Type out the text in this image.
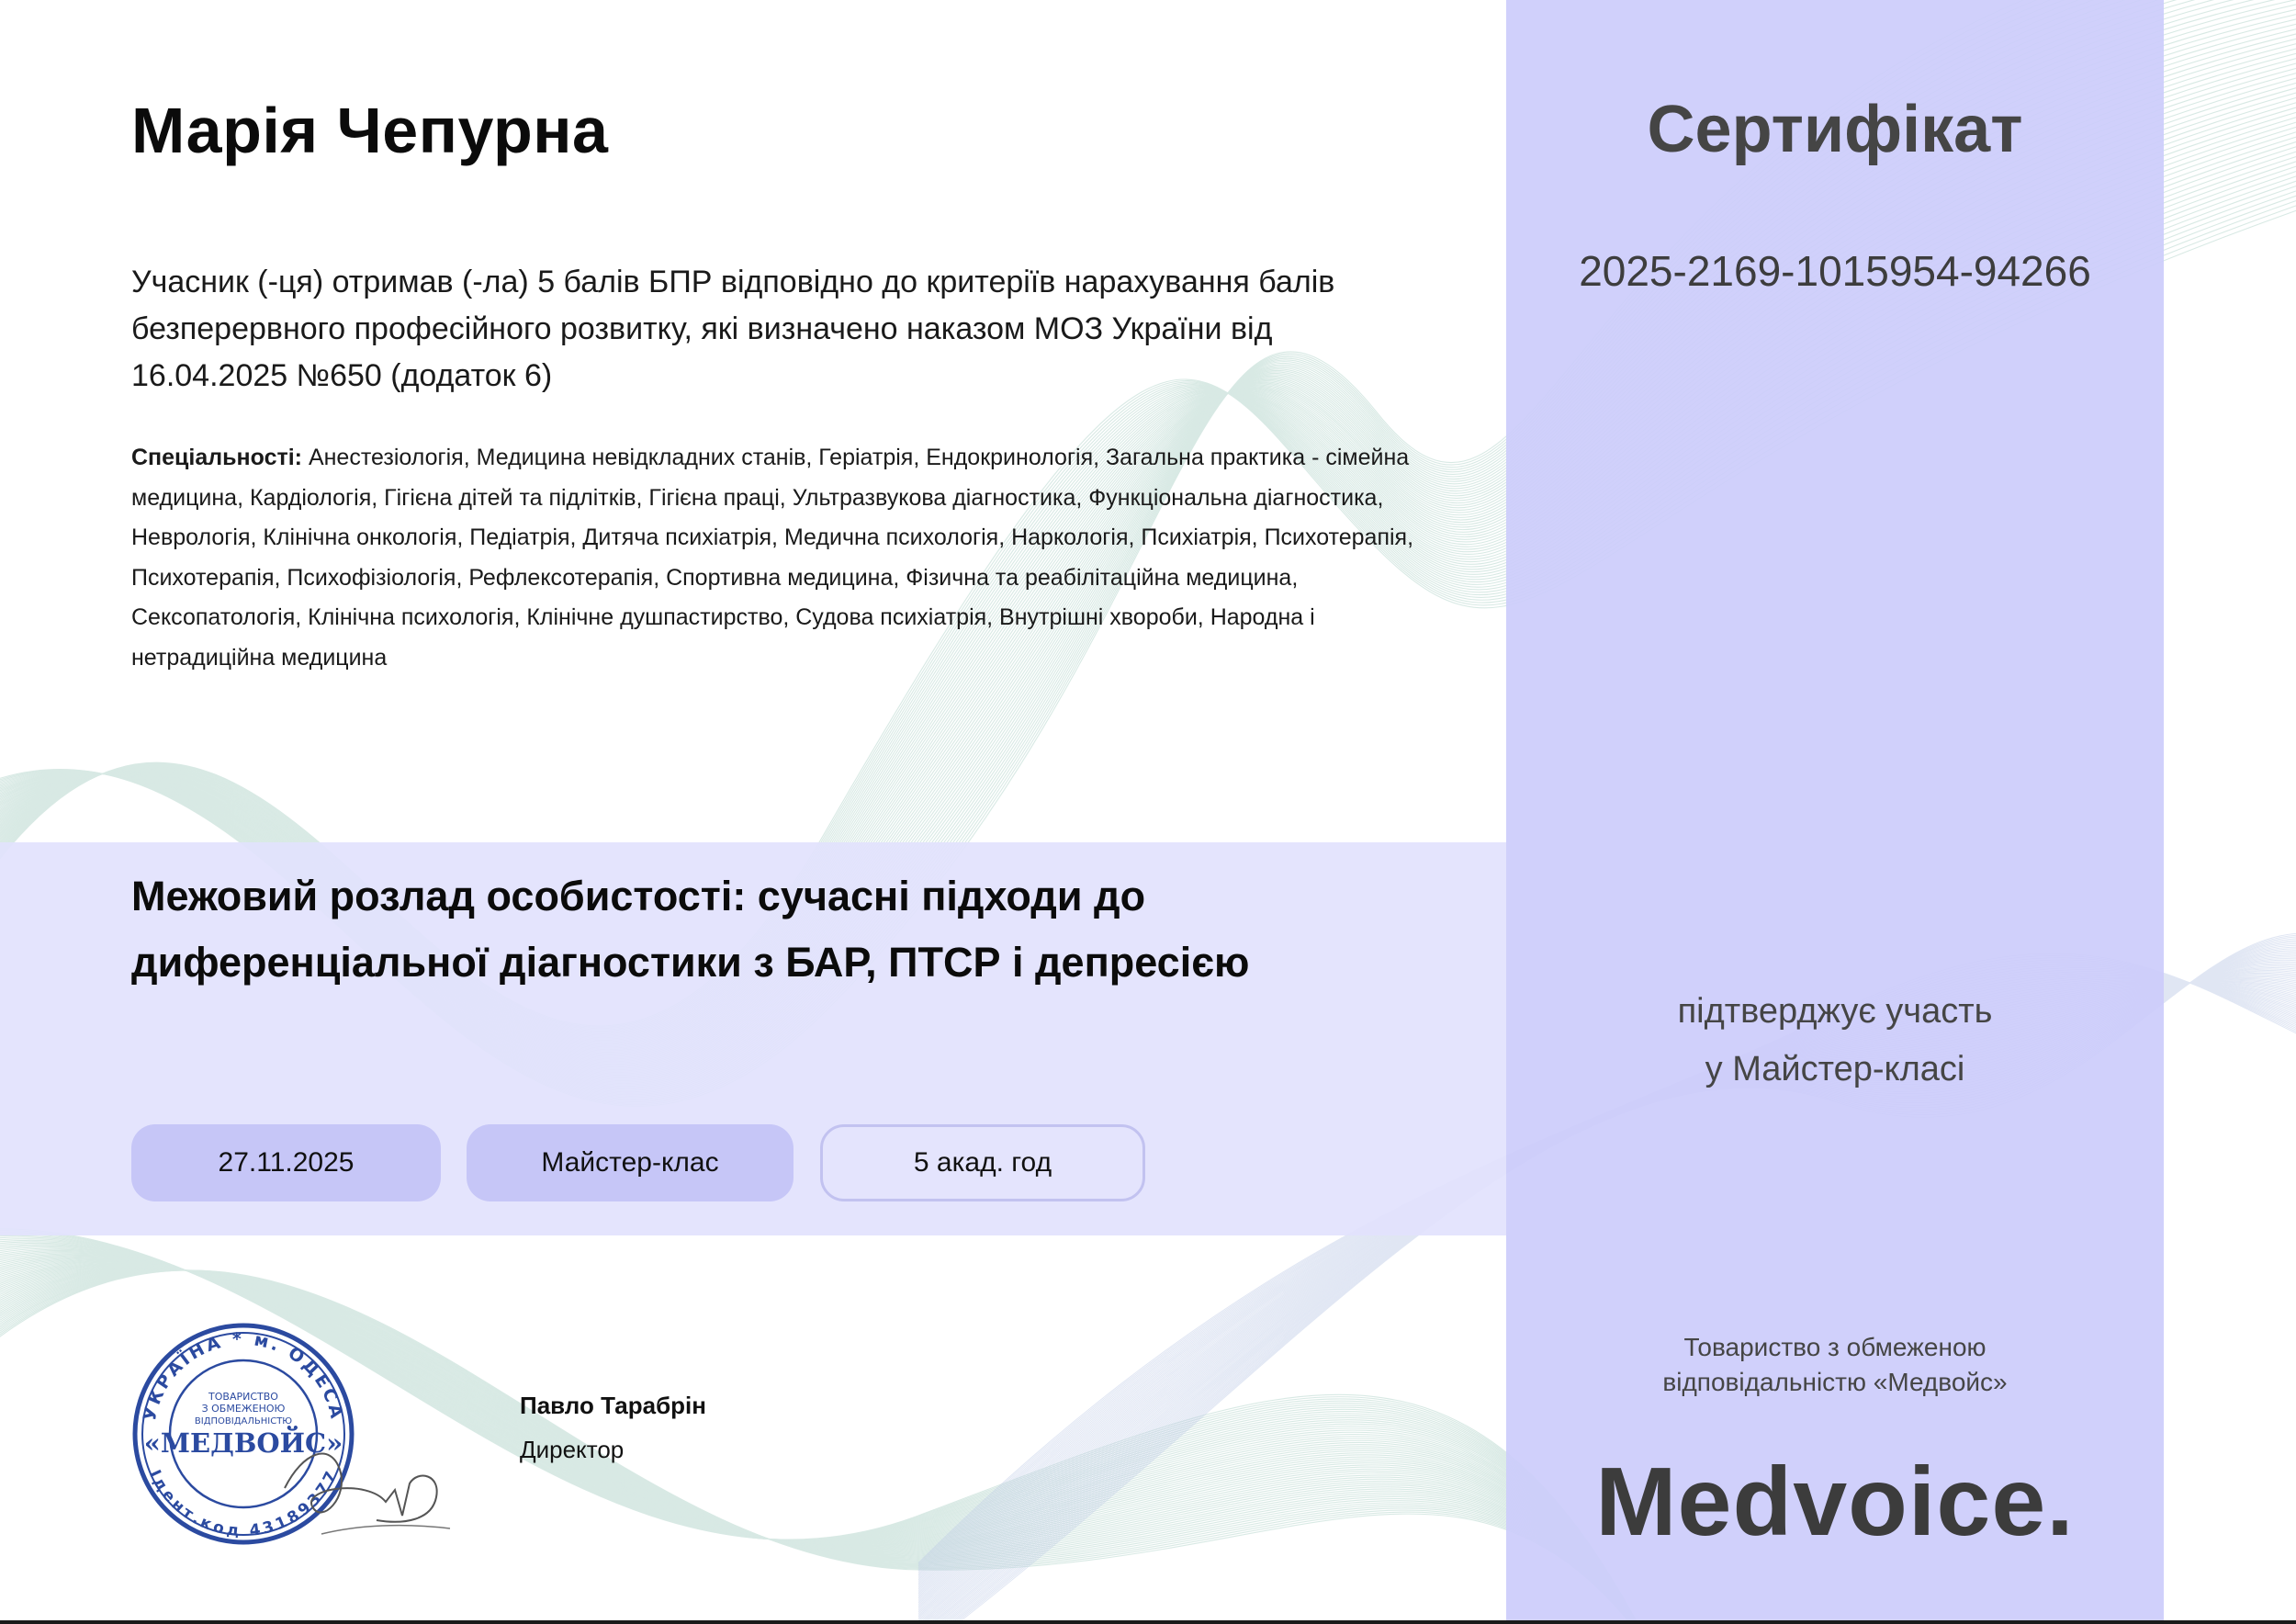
Марія Чепурна
Учасник (-ця) отримав (-ла) 5 балів БПР відповідно до критеріїв нарахування балів безперервного професійного розвитку, які визначено наказом МОЗ України від 16.04.2025 №650 (додаток 6)
Спеціальності: Анестезіологія, Медицина невідкладних станів, Геріатрія, Ендокринологія, Загальна практика - сімейна медицина, Кардіологія, Гігієна дітей та підлітків, Гігієна праці, Ультразвукова діагностика, Функціональна діагностика, Неврологія, Клінічна онкологія, Педіатрія, Дитяча психіатрія, Медична психологія, Наркологія, Психіатрія, Психотерапія, Психотерапія, Психофізіологія, Рефлексотерапія, Спортивна медицина, Фізична та реабілітаційна медицина, Сексопатологія, Клінічна психологія, Клінічне душпастирство, Судова психіатрія, Внутрішні хвороби, Народна і нетрадиційна медицина
Межовий розлад особистості: сучасні підходи до
диференціальної діагностики з БАР, ПТСР і депресією
27.11.2025	Майстер-клас	5 акад. год
УКРАЇНА * м. ОДЕСА
Ідент.код 43189377
ТОВАРИСТВО
З ОБМЕЖЕНОЮ
ВІДПОВІДАЛЬНІСТЮ
«МЕДВОЙС»
Павло Тарабрін
Директор
Сертифікат
2025-2169-1015954-94266
підтверджує участь
у Майстер-класі
Товариство з обмеженою
відповідальністю «Медвойс»
Medvoice.
